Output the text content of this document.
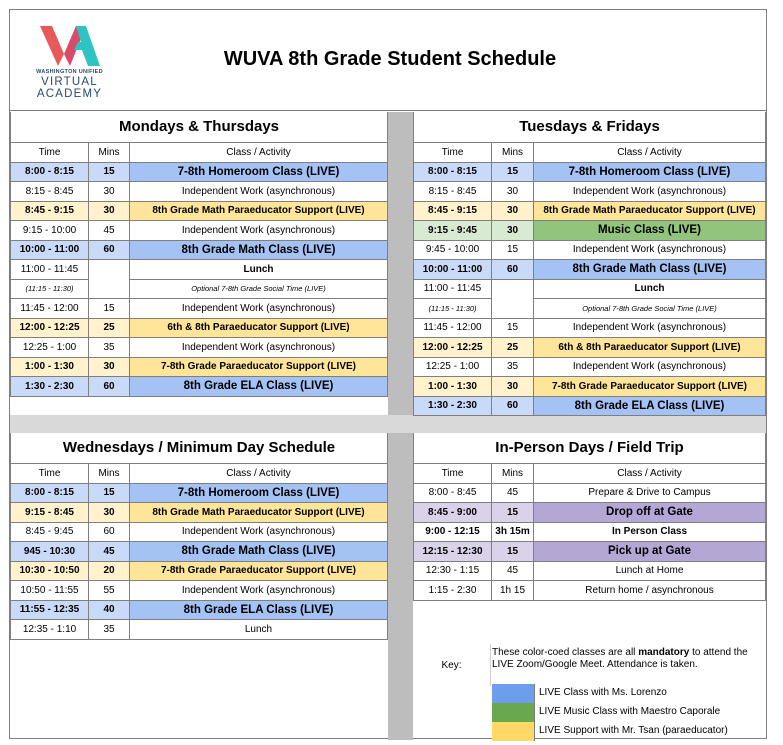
WASHINGTON UNIFIED
VIRTUAL
ACADEMY
WUVA 8th Grade Student Schedule
Mondays & Thursdays		
Time	Mins	Class / Activity
8:00 - 8:15	15	7-8th Homeroom Class (LIVE)
8:15 - 8:45	30	Independent Work (asynchronous)
8:45 - 9:15	30	8th Grade Math Paraeducator Support (LIVE)
9:15 - 10:00	45	Independent Work (asynchronous)
10:00 - 11:00	60	8th Grade Math Class (LIVE)
11:00 - 11:45		Lunch
(11:15 - 11:30)		Optional 7-8th Grade Social Time (LIVE)
11:45 - 12:00	15	Independent Work (asynchronous)
12:00 - 12:25	25	6th & 8th Paraeducator Support (LIVE)
12:25 - 1:00	35	Independent Work (asynchronous)
1:00 - 1:30	30	7-8th Grade Paraeducator Support (LIVE)
1:30 - 2:30	60	8th Grade ELA Class (LIVE)
Tuesdays & Fridays		
Time	Mins	Class / Activity
8:00 - 8:15	15	7-8th Homeroom Class (LIVE)
8:15 - 8:45	30	Independent Work (asynchronous)
8:45 - 9:15	30	8th Grade Math Paraeducator Support (LIVE)
9:15 - 9:45	30	Music Class (LIVE)
9:45 - 10:00	15	Independent Work (asynchronous)
10:00 - 11:00	60	8th Grade Math Class (LIVE)
11:00 - 11:45		Lunch
(11:15 - 11:30)		Optional 7-8th Grade Social Time (LIVE)
11:45 - 12:00	15	Independent Work (asynchronous)
12:00 - 12:25	25	6th & 8th Paraeducator Support (LIVE)
12:25 - 1:00	35	Independent Work (asynchronous)
1:00 - 1:30	30	7-8th Grade Paraeducator Support (LIVE)
1:30 - 2:30	60	8th Grade ELA Class (LIVE)
Wednesdays / Minimum Day Schedule		
Time	Mins	Class / Activity
8:00 - 8:15	15	7-8th Homeroom Class (LIVE)
9:15 - 8:45	30	8th Grade Math Paraeducator Support (LIVE)
8:45 - 9:45	60	Independent Work (asynchronous)
945 - 10:30	45	8th Grade Math Class (LIVE)
10:30 - 10:50	20	7-8th Grade Paraeducator Support (LIVE)
10:50 - 11:55	55	Independent Work (asynchronous)
11:55 - 12:35	40	8th Grade ELA Class (LIVE)
12:35 - 1:10	35	Lunch
In-Person Days / Field Trip		
Time	Mins	Class / Activity
8:00 - 8:45	45	Prepare & Drive to Campus
8:45 - 9:00	15	Drop off at Gate
9:00 - 12:15	3h 15m	In Person Class
12:15 - 12:30	15	Pick up at Gate
12:30 - 1:15	45	Lunch at Home
1:15 - 2:30	1h 15	Return home / asynchronous
Key:
These color-coed classes are all mandatory to attend the LIVE Zoom/Google Meet. Attendance is taken.
LIVE Class with Ms. Lorenzo
LIVE Music Class with Maestro Caporale
LIVE Support with Mr. Tsan (paraeducator)
